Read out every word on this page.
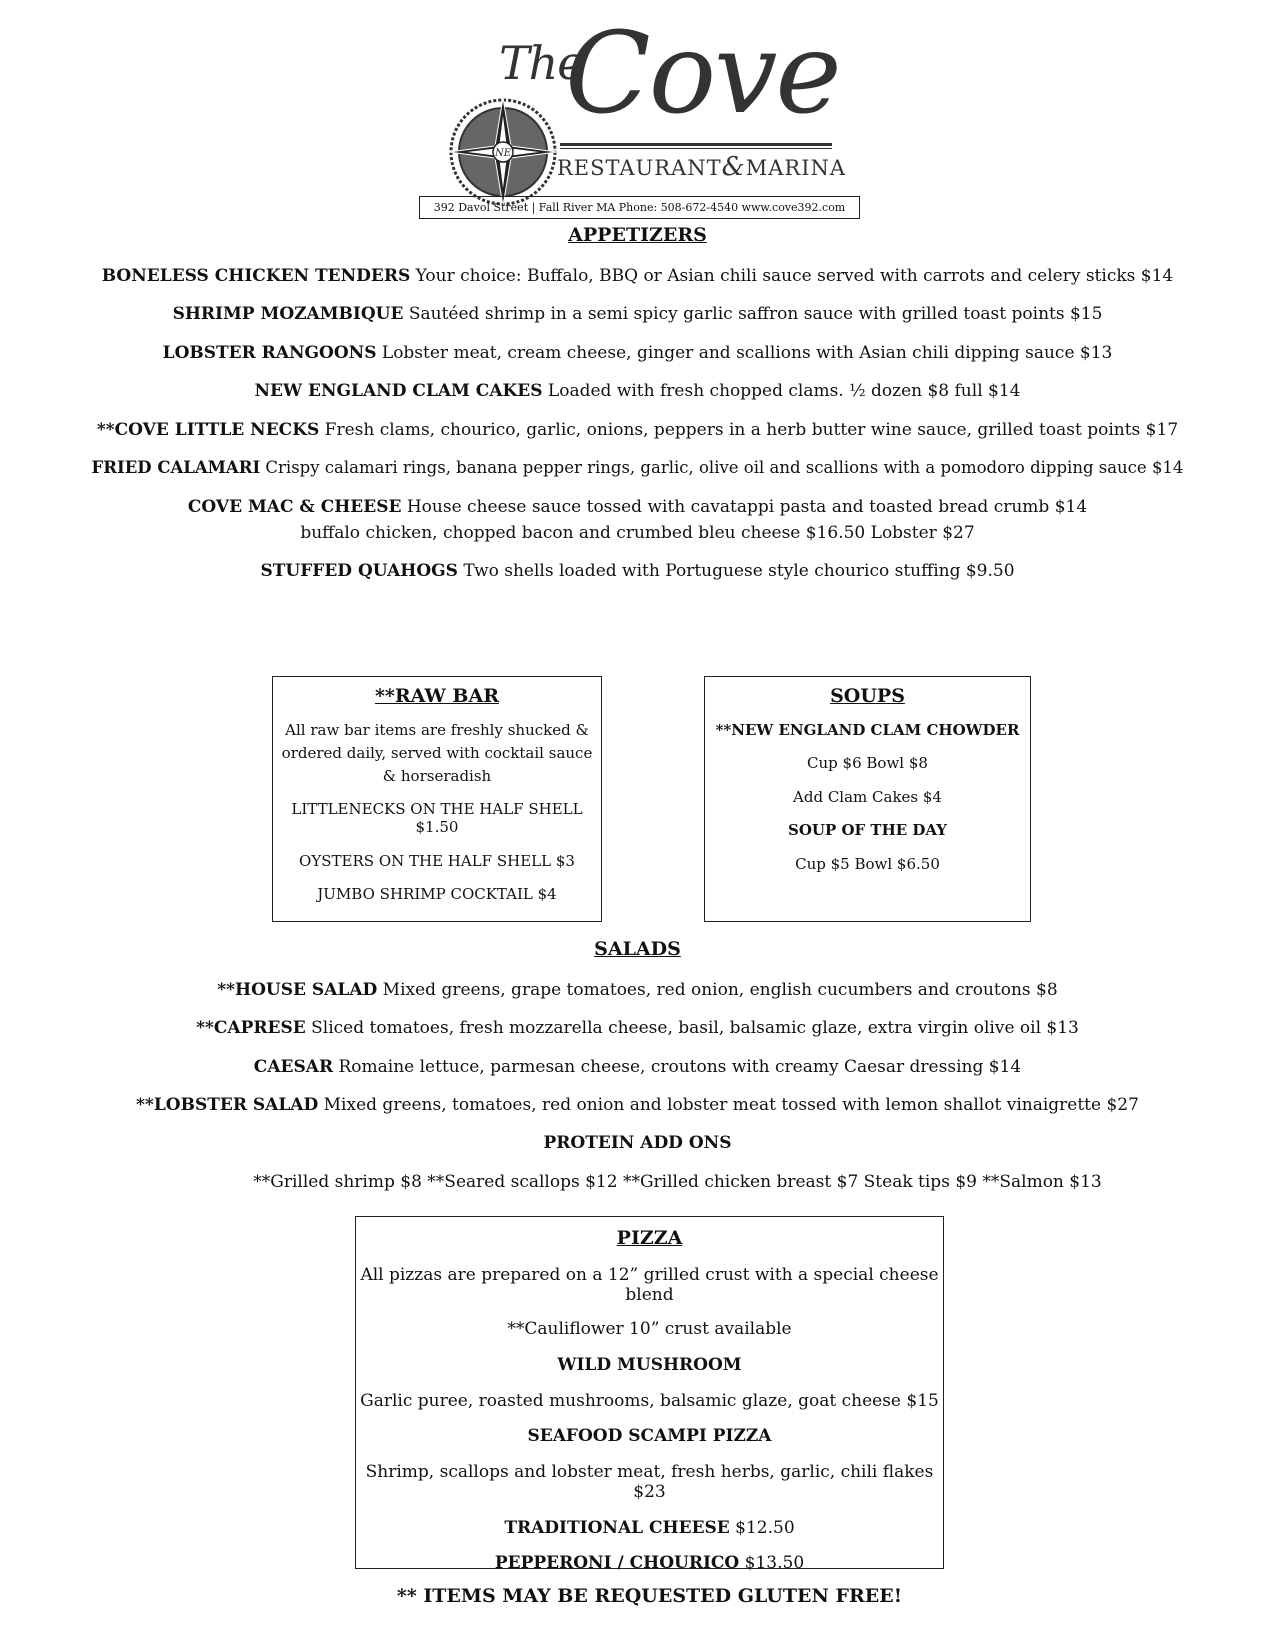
NE
The
Cove
RESTAURANT&MARINA
392 Davol Street | Fall River MA Phone: 508-672-4540 www.cove392.com
APPETIZERS
BONELESS CHICKEN TENDERS Your choice: Buffalo, BBQ or Asian chili sauce served with carrots and celery sticks $14
SHRIMP MOZAMBIQUE Sautéed shrimp in a semi spicy garlic saffron sauce with grilled toast points $15
LOBSTER RANGOONS Lobster meat, cream cheese, ginger and scallions with Asian chili dipping sauce $13
NEW ENGLAND CLAM CAKES Loaded with fresh chopped clams. ½ dozen $8 full $14
**COVE LITTLE NECKS Fresh clams, chourico, garlic, onions, peppers in a herb butter wine sauce, grilled toast points $17
FRIED CALAMARI Crispy calamari rings, banana pepper rings, garlic, olive oil and scallions with a pomodoro dipping sauce $14
COVE MAC & CHEESE House cheese sauce tossed with cavatappi pasta and toasted bread crumb $14
buffalo chicken, chopped bacon and crumbed bleu cheese $16.50 Lobster $27
STUFFED QUAHOGS Two shells loaded with Portuguese style chourico stuffing $9.50

**RAW BAR

All raw bar items are freshly shucked & ordered daily, served with cocktail sauce & horseradish

LITTLENECKS ON THE HALF SHELL $1.50

OYSTERS ON THE HALF SHELL $3

JUMBO SHRIMP COCKTAIL $4

SOUPS

**NEW ENGLAND CLAM CHOWDER

Cup $6 Bowl $8

Add Clam Cakes $4

SOUP OF THE DAY

Cup $5 Bowl $6.50

SALADS
**HOUSE SALAD Mixed greens, grape tomatoes, red onion, english cucumbers and croutons $8
**CAPRESE Sliced tomatoes, fresh mozzarella cheese, basil, balsamic glaze, extra virgin olive oil $13
CAESAR Romaine lettuce, parmesan cheese, croutons with creamy Caesar dressing $14
**LOBSTER SALAD Mixed greens, tomatoes, red onion and lobster meat tossed with lemon shallot vinaigrette $27
PROTEIN ADD ONS
**Grilled shrimp $8 **Seared scallops $12 **Grilled chicken breast $7 Steak tips $9 **Salmon $13

PIZZA

All pizzas are prepared on a 12” grilled crust with a special cheese blend

**Cauliflower 10” crust available

WILD MUSHROOM

Garlic puree, roasted mushrooms, balsamic glaze, goat cheese $15

SEAFOOD SCAMPI PIZZA

Shrimp, scallops and lobster meat, fresh herbs, garlic, chili flakes $23

TRADITIONAL CHEESE $12.50

PEPPERONI / CHOURICO $13.50

** ITEMS MAY BE REQUESTED GLUTEN FREE!
